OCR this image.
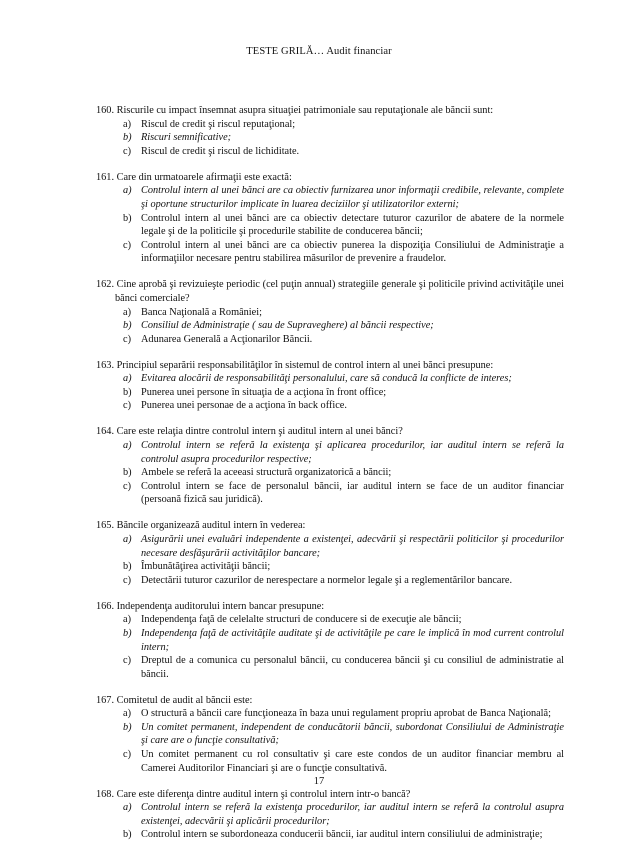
TESTE GRILĂ… Audit financiar
160. Riscurile cu impact însemnat asupra situaţiei patrimoniale sau reputaţionale ale băncii sunt:
a) Riscul de credit şi riscul reputaţional;
b) Riscuri semnificative;
c) Riscul de credit şi riscul de lichiditate.
161. Care din urmatoarele afirmaţii este exactă:
a) Controlul intern al unei bănci are ca obiectiv furnizarea unor informaţii credibile, relevante, complete şi oportune structurilor implicate în luarea deciziilor şi utilizatorilor externi;
b) Controlul intern al unei bănci are ca obiectiv detectare tuturor cazurilor de abatere de la normele legale şi de la politicile şi procedurile stabilite de conducerea băncii;
c) Controlul intern al unei bănci are ca obiectiv punerea la dispoziţia Consiliului de Administraţie a informaţiilor necesare pentru stabilirea măsurilor de prevenire a fraudelor.
162. Cine aprobă şi revizuieşte periodic (cel puţin annual) strategiile generale şi politicile privind activităţile unei bănci comerciale?
a) Banca Naţională a României;
b) Consiliul de Administraţie ( sau de Supraveghere) al băncii respective;
c) Adunarea Generală a Acţionarilor Băncii.
163. Principiul separării responsabilităţilor în sistemul de control intern al unei bănci presupune:
a) Evitarea alocării de responsabilităţi personalului, care să conducă la conflicte de interes;
b) Punerea unei persone în situaţia de a acţiona în front office;
c) Punerea unei personae de a acţiona în back office.
164. Care este relaţia dintre controlul intern şi auditul intern al unei bănci?
a) Controlul intern se referă la existenţa şi aplicarea procedurilor, iar auditul intern se referă la controlul asupra procedurilor respective;
b) Ambele se referă la aceeasi structură organizatorică a băncii;
c) Controlul intern se face de personalul băncii, iar auditul intern se face de un auditor financiar (persoană fizică sau juridică).
165. Băncile organizează auditul intern în vederea:
a) Asigurării unei evaluări independente a existenţei, adecvării şi respectării politicilor şi procedurilor necesare desfăşurării activităţilor bancare;
b) Îmbunătăţirea activităţii băncii;
c) Detectării tuturor cazurilor de nerespectare a normelor legale şi a reglementărilor bancare.
166. Independenţa auditorului intern bancar presupune:
a) Independenţa faţă de celelalte structuri de conducere si de execuţie ale băncii;
b) Independenţa faţă de activităţile auditate şi de activităţile pe care le implică în mod current controlul intern;
c) Dreptul de a comunica cu personalul băncii, cu conducerea băncii şi cu consiliul de administratie al băncii.
167. Comitetul de audit al băncii este:
a) O structură a băncii care funcţioneaza în baza unui regulament propriu aprobat de Banca Naţională;
b) Un comitet permanent, independent de conducătorii băncii, subordonat Consiliului de Administraţie şi care are o funcţie consultativă;
c) Un comitet permanent cu rol consultativ şi care este condos de un auditor financiar membru al Camerei Auditorilor Financiari şi are o funcţie consultativă.
168. Care este diferenţa dintre auditul intern şi controlul intern intr-o bancă?
a) Controlul intern se referă la existenţa procedurilor, iar auditul intern se referă la controlul asupra existenţei, adecvării şi aplicării procedurilor;
b) Controlul intern se subordoneaza conducerii băncii, iar auditul intern consiliului de administraţie;
17
